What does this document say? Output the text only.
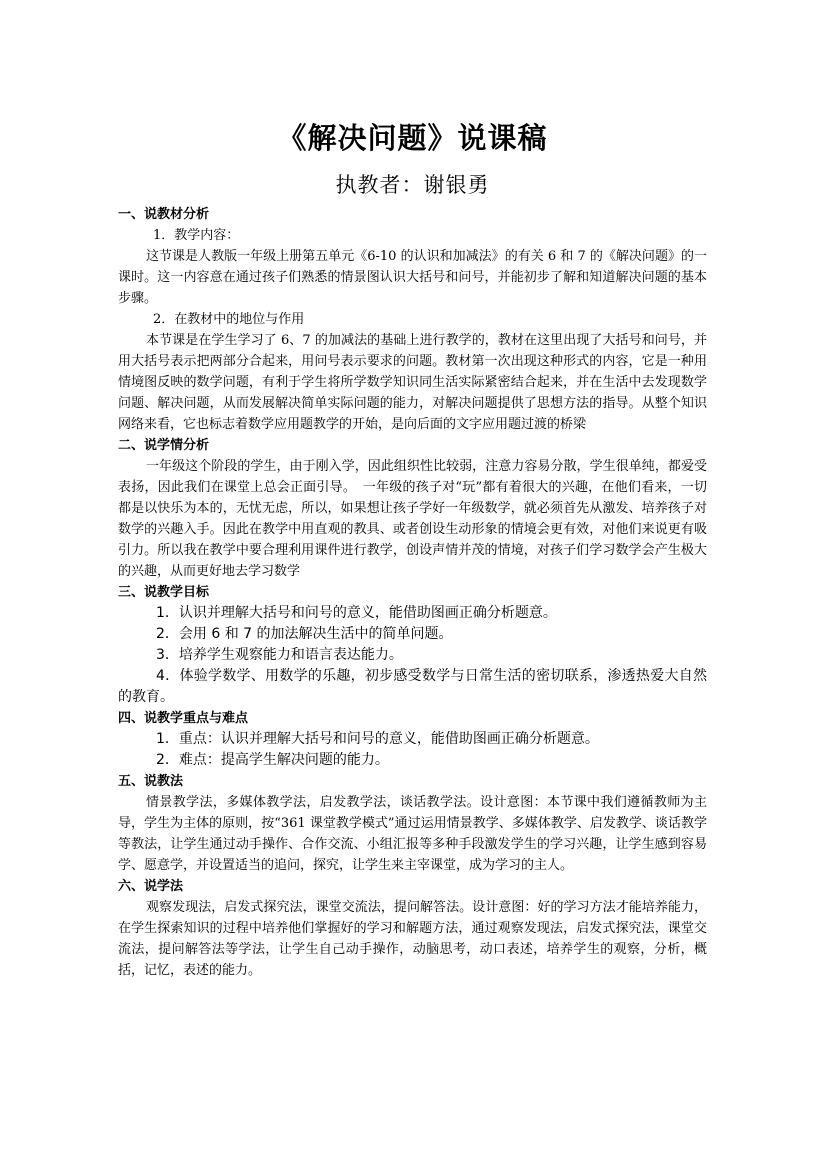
《解决问题》说课稿
执教者：谢银勇

一、说教材分析

1．教学内容：

这节课是人教版一年级上册第五单元《6-10 的认识和加减法》的有关 6 和 7 的《解决问题》的一课时。这一内容意在通过孩子们熟悉的情景图认识大括号和问号，并能初步了解和知道解决问题的基本步骤。

2．在教材中的地位与作用

本节课是在学生学习了 6、7 的加减法的基础上进行教学的，教材在这里出现了大括号和问号，并用大括号表示把两部分合起来，用问号表示要求的问题。教材第一次出现这种形式的内容，它是一种用情境图反映的数学问题，有利于学生将所学数学知识同生活实际紧密结合起来，并在生活中去发现数学问题、解决问题，从而发展解决简单实际问题的能力，对解决问题提供了思想方法的指导。从整个知识网络来看，它也标志着数学应用题教学的开始，是向后面的文字应用题过渡的桥梁

二、说学情分析

一年级这个阶段的学生，由于刚入学，因此组织性比较弱，注意力容易分散，学生很单纯，都爱受表扬，因此我们在课堂上总会正面引导。　一年级的孩子对“玩”都有着很大的兴趣，在他们看来，一切都是以快乐为本的，无忧无虑，所以，如果想让孩子学好一年级数学，就必须首先从激发、培养孩子对数学的兴趣入手。因此在教学中用直观的教具、或者创设生动形象的情境会更有效，对他们来说更有吸引力。所以我在教学中要合理利用课件进行教学，创设声情并茂的情境，对孩子们学习数学会产生极大的兴趣，从而更好地去学习数学

三、说教学目标

1．认识并理解大括号和问号的意义，能借助图画正确分析题意。

2．会用 6 和 7 的加法解决生活中的简单问题。

3．培养学生观察能力和语言表达能力。

4．体验学数学、用数学的乐趣，初步感受数学与日常生活的密切联系，渗透热爱大自然的教育。

四、说教学重点与难点

1．重点：认识并理解大括号和问号的意义，能借助图画正确分析题意。

2．难点：提高学生解决问题的能力。

五、说教法

情景教学法，多媒体教学法，启发教学法，谈话教学法。设计意图：本节课中我们遵循教师为主导，学生为主体的原则，按“361 课堂教学模式”通过运用情景教学、多媒体教学、启发教学、谈话教学等教法，让学生通过动手操作、合作交流、小组汇报等多种手段激发学生的学习兴趣，让学生感到容易学、愿意学，并设置适当的追问，探究，让学生来主宰课堂，成为学习的主人。

六、说学法

观察发现法，启发式探究法，课堂交流法，提问解答法。设计意图：好的学习方法才能培养能力，在学生探索知识的过程中培养他们掌握好的学习和解题方法，通过观察发现法，启发式探究法，课堂交流法，提问解答法等学法，让学生自己动手操作，动脑思考，动口表述，培养学生的观察，分析，概括，记忆，表述的能力。
